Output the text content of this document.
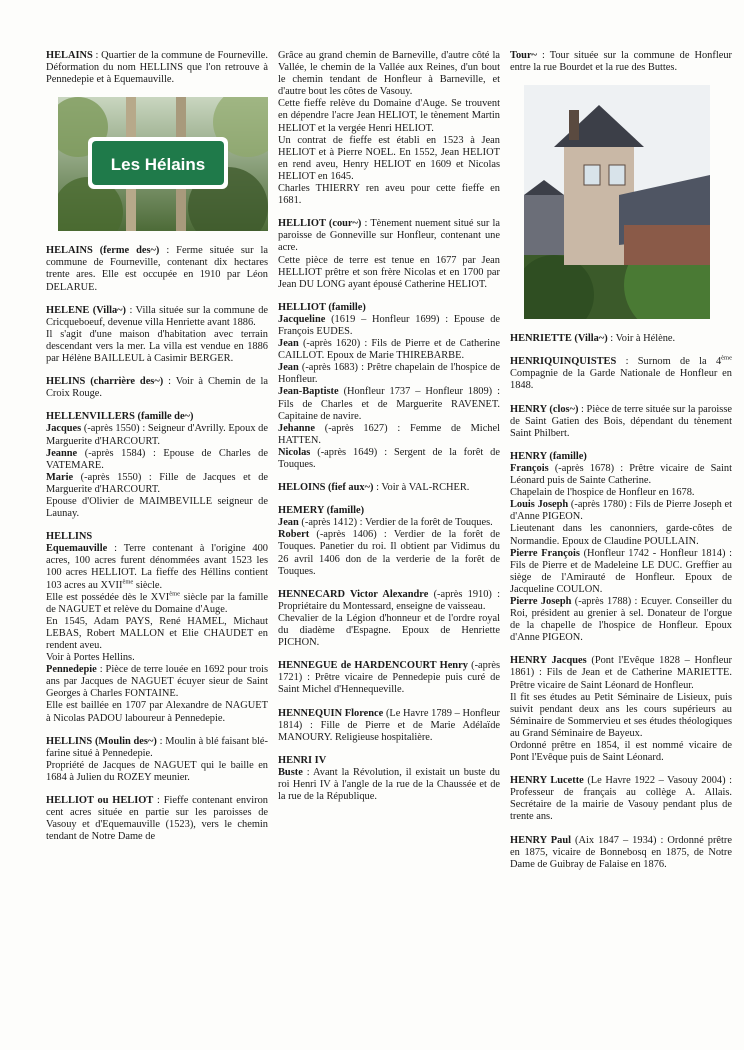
HELAINS : Quartier de la commune de Fourneville. Déformation du nom HELLINS que l'on retrouve à Pennedepie et à Equemauville.

Les Hélains

HELAINS (ferme des~) : Ferme située sur la commune de Fourneville, contenant dix hectares trente ares. Elle est occupée en 1910 par Léon DELARUE.

HELENE (Villa~) : Villa située sur la commune de Cricqueboeuf, devenue villa Henriette avant 1886.

Il s'agit d'une maison d'habitation avec terrain descendant vers la mer. La villa est vendue en 1886 par Hélène BAILLEUL à Casimir BERGER.

HELINS (charrière des~) : Voir à Chemin de la Croix Rouge.

HELLENVILLERS (famille de~)

Jacques (-après 1550) : Seigneur d'Avrilly. Epoux de Marguerite d'HARCOURT.

Jeanne (-après 1584) : Epouse de Charles de VATEMARE.

Marie (-après 1550) : Fille de Jacques et de Marguerite d'HARCOURT.

Epouse d'Olivier de MAIMBEVILLE seigneur de Launay.

HELLINS

Equemauville : Terre contenant à l'origine 400 acres, 100 acres furent dénommées avant 1523 les 100 acres HELLIOT. La fieffe des Héllins contient 103 acres au XVIIème siècle.

Elle est possédée dès le XVIème siècle par la famille de NAGUET et relève du Domaine d'Auge.

En 1545, Adam PAYS, René HAMEL, Michaut LEBAS, Robert MALLON et Elie CHAUDET en rendent aveu.

Voir à Portes Hellins.

Pennedepie : Pièce de terre louée en 1692 pour trois ans par Jacques de NAGUET écuyer sieur de Saint Georges à Charles FONTAINE.

Elle est baillée en 1707 par Alexandre de NAGUET à Nicolas PADOU laboureur à Pennedepie.

HELLINS (Moulin des~) : Moulin à blé faisant blé-farine situé à Pennedepie.

Propriété de Jacques de NAGUET qui le baille en 1684 à Julien du ROZEY meunier.

HELLIOT ou HELIOT : Fieffe contenant environ cent acres située en partie sur les paroisses de Vasouy et d'Equemauville (1523), vers le chemin tendant de Notre Dame de

Grâce au grand chemin de Barneville, d'autre côté la Vallée, le chemin de la Vallée aux Reines, d'un bout le chemin tendant de Honfleur à Barneville, et d'autre bout les côtes de Vasouy.

Cette fieffe relève du Domaine d'Auge. Se trouvent en dépendre l'acre Jean HELIOT, le tènement Martin HELIOT et la vergée Henri HELIOT.

Un contrat de fieffe est établi en 1523 à Jean HELIOT et à Pierre NOEL. En 1552, Jean HELIOT en rend aveu, Henry HELIOT en 1609 et Nicolas HELIOT en 1645.

Charles THIERRY ren aveu pour cette fieffe en 1681.

HELLIOT (cour~) : Tènement nuement situé sur la paroisse de Gonneville sur Honfleur, contenant une acre.

Cette pièce de terre est tenue en 1677 par Jean HELLIOT prêtre et son frère Nicolas et en 1700 par Jean DU LONG ayant épousé Catherine HELIOT.

HELLIOT (famille)

Jacqueline (1619 – Honfleur 1699) : Epouse de François EUDES.

Jean (-après 1620) : Fils de Pierre et de Catherine CAILLOT. Epoux de Marie THIREBARBE.

Jean (-après 1683) : Prêtre chapelain de l'hospice de Honfleur.

Jean-Baptiste (Honfleur 1737 – Honfleur 1809) : Fils de Charles et de Marguerite RAVENET. Capitaine de navire.

Jehanne (-après 1627) : Femme de Michel HATTEN.

Nicolas (-après 1649) : Sergent de la forêt de Touques.

HELOINS (fief aux~) : Voir à VAL-RCHER.

HEMERY (famille)

Jean (-après 1412) : Verdier de la forêt de Touques.

Robert (-après 1406) : Verdier de la forêt de Touques. Panetier du roi. Il obtient par Vidimus du 26 avril 1406 don de la verderie de la forêt de Touques.

HENNECARD Victor Alexandre (-après 1910) : Propriétaire du Montessard, enseigne de vaisseau.

Chevalier de la Légion d'honneur et de l'ordre royal du diadème d'Espagne. Epoux de Henriette PICHON.

HENNEGUE de HARDENCOURT Henry (-après 1721) : Prêtre vicaire de Pennedepie puis curé de Saint Michel d'Hennequeville.

HENNEQUIN Florence (Le Havre 1789 – Honfleur 1814) : Fille de Pierre et de Marie Adélaïde MANOURY. Religieuse hospitalière.

HENRI IV

Buste : Avant la Révolution, il existait un buste du roi Henri IV à l'angle de la rue de la Chaussée et de la rue de la République.

Tour~ : Tour située sur la commune de Honfleur entre la rue Bourdet et la rue des Buttes.

HENRIETTE (Villa~) : Voir à Hélène.

HENRIQUINQUISTES : Surnom de la 4ème Compagnie de la Garde Nationale de Honfleur en 1848.

HENRY (clos~) : Pièce de terre située sur la paroisse de Saint Gatien des Bois, dépendant du tènement Saint Philbert.

HENRY (famille)

François (-après 1678) : Prêtre vicaire de Saint Léonard puis de Sainte Catherine.

Chapelain de l'hospice de Honfleur en 1678.

Louis Joseph (-après 1780) : Fils de Pierre Joseph et d'Anne PIGEON.

Lieutenant dans les canonniers, garde-côtes de Normandie. Epoux de Claudine POULLAIN.

Pierre François (Honfleur 1742 - Honfleur 1814) : Fils de Pierre et de Madeleine LE DUC. Greffier au siège de l'Amirauté de Honfleur. Epoux de Jacqueline COULON.

Pierre Joseph (-après 1788) : Ecuyer. Conseiller du Roi, président au grenier à sel. Donateur de l'orgue de la chapelle de l'hospice de Honfleur. Epoux d'Anne PIGEON.

HENRY Jacques (Pont l'Evêque 1828 – Honfleur 1861) : Fils de Jean et de Catherine MARIETTE. Prêtre vicaire de Saint Léonard de Honfleur.

Il fit ses études au Petit Séminaire de Lisieux, puis suivit pendant deux ans les cours supérieurs au Séminaire de Sommervieu et ses études théologiques au Grand Séminaire de Bayeux.

Ordonné prêtre en 1854, il est nommé vicaire de Pont l'Evêque puis de Saint Léonard.

HENRY Lucette (Le Havre 1922 – Vasouy 2004) : Professeur de français au collège A. Allais. Secrétaire de la mairie de Vasouy pendant plus de trente ans.

HENRY Paul (Aix 1847 – 1934) : Ordonné prêtre en 1875, vicaire de Bonnebosq en 1875, de Notre Dame de Guibray de Falaise en 1876.
